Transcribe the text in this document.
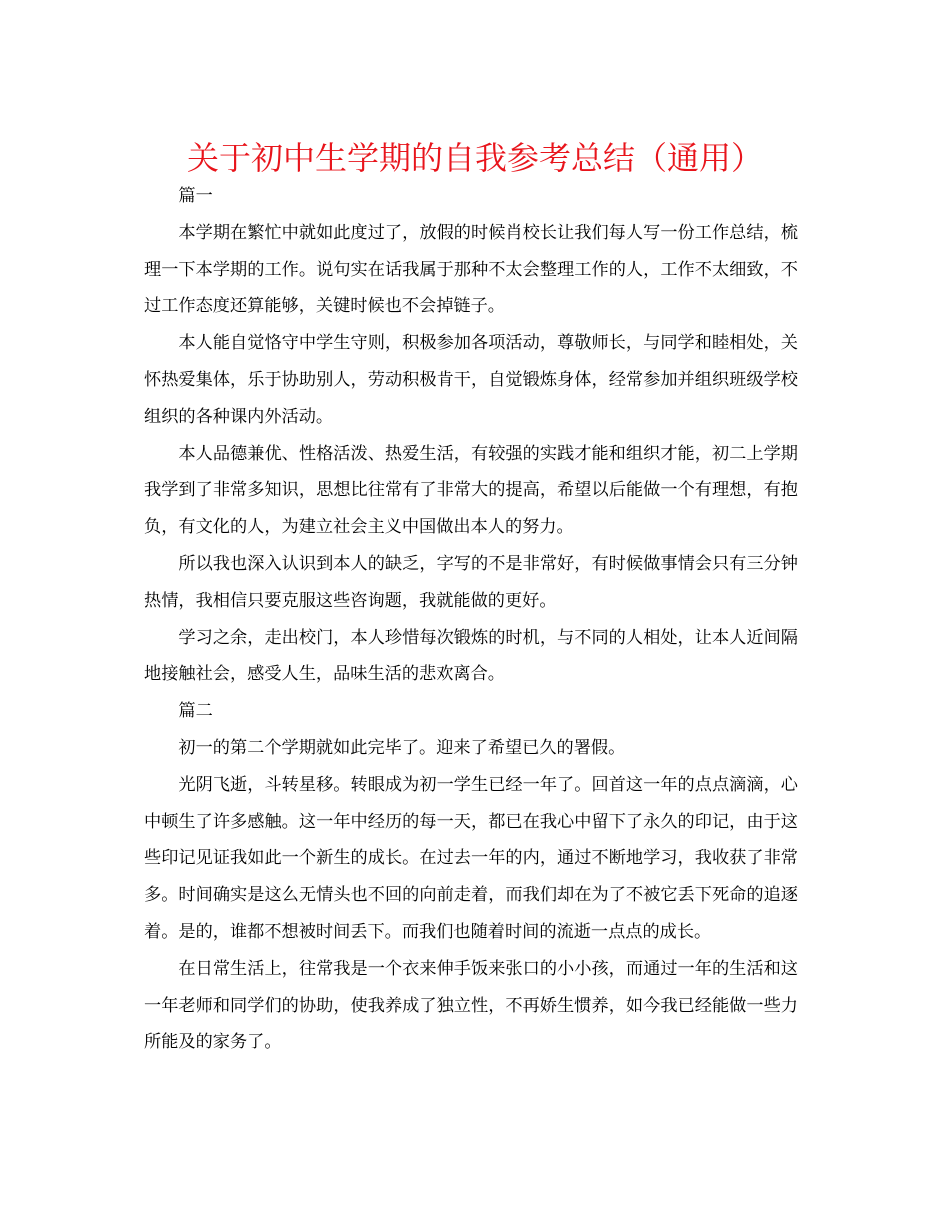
关于初中生学期的自我参考总结（通用）

篇一

本学期在繁忙中就如此度过了，放假的时候肖校长让我们每人写一份工作总结，梳理一下本学期的工作。说句实在话我属于那种不太会整理工作的人，工作不太细致，不过工作态度还算能够，关键时候也不会掉链子。

本人能自觉恪守中学生守则，积极参加各项活动，尊敬师长，与同学和睦相处，关怀热爱集体，乐于协助别人，劳动积极肯干，自觉锻炼身体，经常参加并组织班级学校组织的各种课内外活动。

本人品德兼优、性格活泼、热爱生活，有较强的实践才能和组织才能，初二上学期我学到了非常多知识，思想比往常有了非常大的提高，希望以后能做一个有理想，有抱负，有文化的人，为建立社会主义中国做出本人的努力。

所以我也深入认识到本人的缺乏，字写的不是非常好，有时候做事情会只有三分钟热情，我相信只要克服这些咨询题，我就能做的更好。

学习之余，走出校门，本人珍惜每次锻炼的时机，与不同的人相处，让本人近间隔地接触社会，感受人生，品味生活的悲欢离合。

篇二

初一的第二个学期就如此完毕了。迎来了希望已久的署假。

光阴飞逝，斗转星移。转眼成为初一学生已经一年了。回首这一年的点点滴滴，心中顿生了许多感触。这一年中经历的每一天，都已在我心中留下了永久的印记，由于这些印记见证我如此一个新生的成长。在过去一年的内，通过不断地学习，我收获了非常多。时间确实是这么无情头也不回的向前走着，而我们却在为了不被它丢下死命的追逐着。是的，谁都不想被时间丢下。而我们也随着时间的流逝一点点的成长。

在日常生活上，往常我是一个衣来伸手饭来张口的小小孩，而通过一年的生活和这一年老师和同学们的协助，使我养成了独立性，不再娇生惯养，如今我已经能做一些力所能及的家务了。
